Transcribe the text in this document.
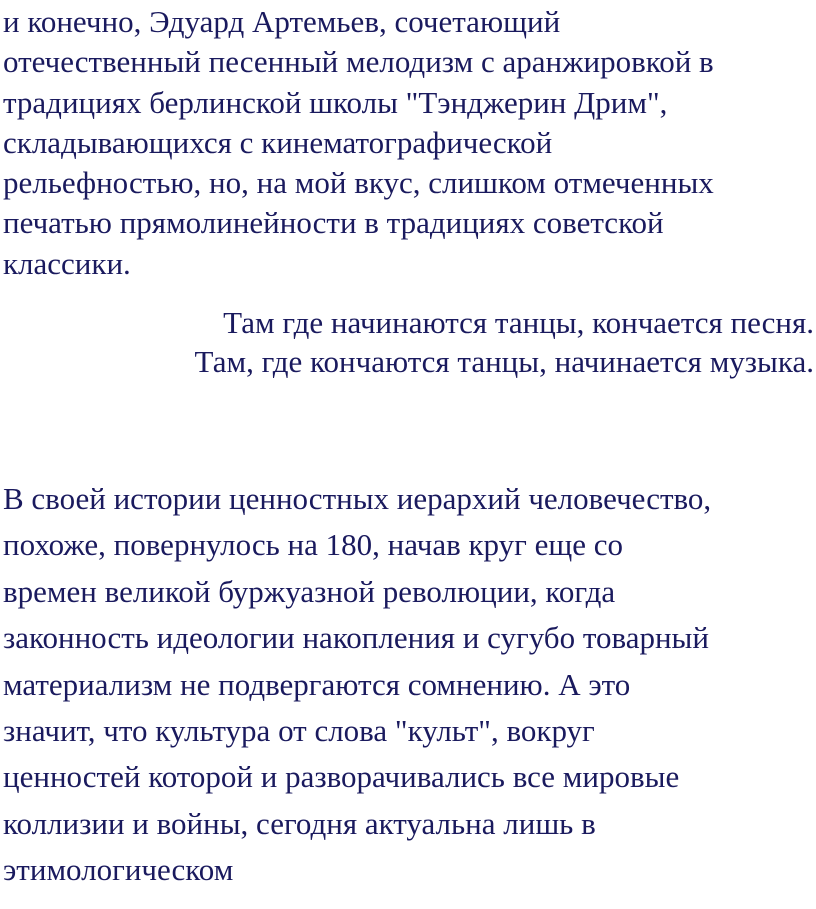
и конечно, Эдуард Артемьев, сочетающий
отечественный песенный мелодизм с аранжировкой в
традициях берлинской школы "Тэнджерин Дрим",
складывающихся с кинематографической
рельефностью, но, на мой вкус, слишком отмеченных
печатью прямолинейности в традициях советской
классики.

Там где начинаются танцы, кончается песня.
Там, где кончаются танцы, начинается музыка.

В своей истории ценностных иерархий человечество,
похоже, повернулось на 180, начав круг еще со
времен великой буржуазной революции, когда
законность идеологии накопления и сугубо товарный
материализм не подвергаются сомнению. А это
значит, что культура от слова "культ", вокруг
ценностей которой и разворачивались все мировые
коллизии и войны, сегодня актуальна лишь в
этимологическом
